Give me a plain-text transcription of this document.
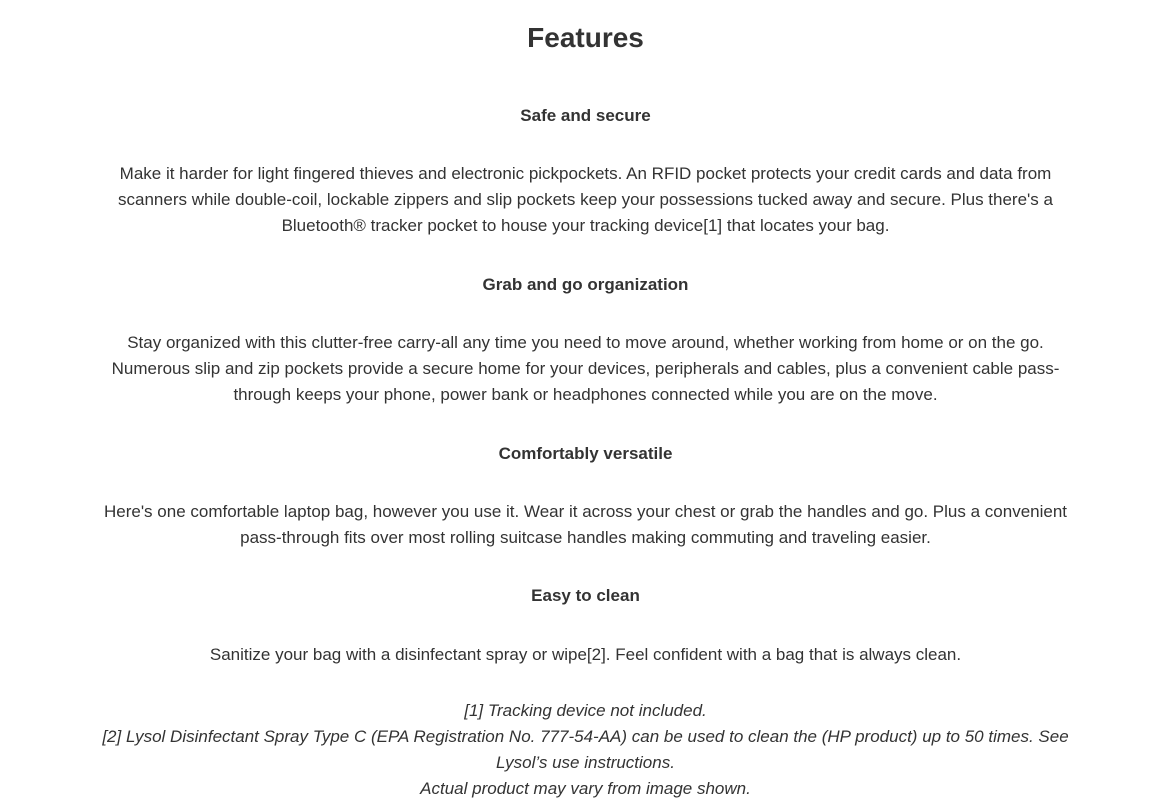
Features
Safe and secure
Make it harder for light fingered thieves and electronic pickpockets. An RFID pocket protects your credit cards and data from
scanners while double-coil, lockable zippers and slip pockets keep your possessions tucked away and secure. Plus there's a
Bluetooth® tracker pocket to house your tracking device[1] that locates your bag.
Grab and go organization
Stay organized with this clutter-free carry-all any time you need to move around, whether working from home or on the go.
Numerous slip and zip pockets provide a secure home for your devices, peripherals and cables, plus a convenient cable pass-
through keeps your phone, power bank or headphones connected while you are on the move.
Comfortably versatile
Here's one comfortable laptop bag, however you use it. Wear it across your chest or grab the handles and go. Plus a convenient
pass-through fits over most rolling suitcase handles making commuting and traveling easier.
Easy to clean
Sanitize your bag with a disinfectant spray or wipe[2]. Feel confident with a bag that is always clean.
[1] Tracking device not included.
[2] Lysol Disinfectant Spray Type C (EPA Registration No. 777-54-AA) can be used to clean the (HP product) up to 50 times. See
Lysol’s use instructions.
Actual product may vary from image shown.
